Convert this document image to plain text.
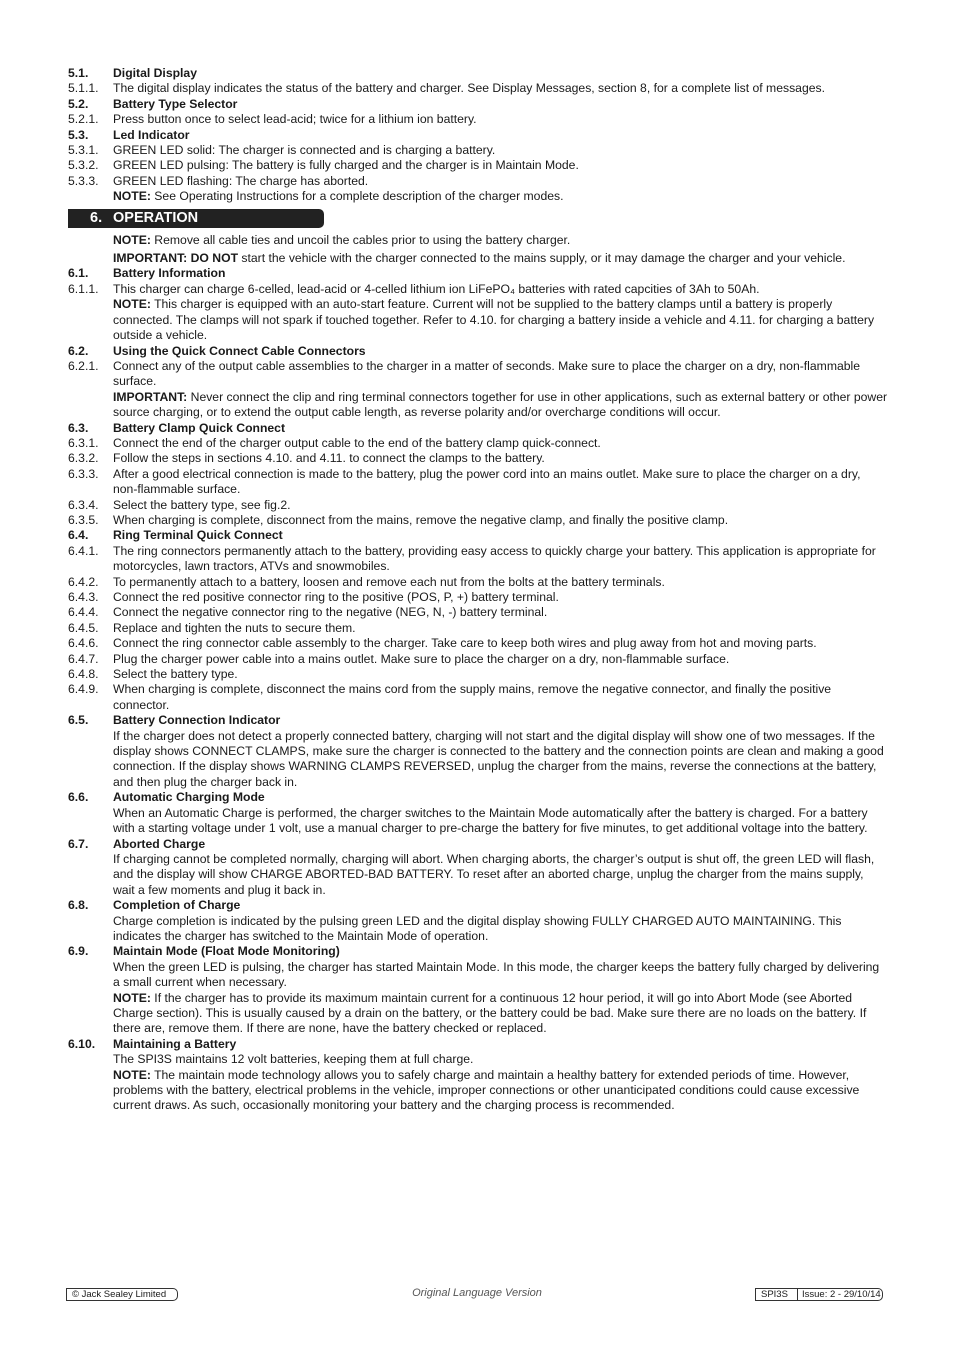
5.1.	Digital Display
5.1.1.	The digital display indicates the status of the battery and charger. See Display Messages, section 8, for a complete list of messages.
5.2.	Battery Type Selector
5.2.1.	Press button once to select lead-acid; twice for a lithium ion battery.
5.3.	Led Indicator
5.3.1.	GREEN LED solid: The charger is connected and is charging a battery.
5.3.2.	GREEN LED pulsing: The battery is fully charged and the charger is in Maintain Mode.
5.3.3.	GREEN LED flashing: The charge has aborted.
NOTE: See Operating Instructions for a complete description of the charger modes.
6. OPERATION
NOTE: Remove all cable ties and uncoil the cables prior to using the battery charger.
IMPORTANT: DO NOT start the vehicle with the charger connected to the mains supply, or it may damage the charger and your vehicle.
6.1.	Battery Information
6.1.1.	This charger can charge 6-celled, lead-acid or 4-celled lithium ion LiFePO₄ batteries with rated capcities of 3Ah to 50Ah.
NOTE: This charger is equipped with an auto-start feature. Current will not be supplied to the battery clamps until a battery is properly connected. The clamps will not spark if touched together. Refer to 4.10. for charging a battery inside a vehicle and 4.11. for charging a battery outside a vehicle.
6.2.	Using the Quick Connect Cable Connectors
6.2.1.	Connect any of the output cable assemblies to the charger in a matter of seconds. Make sure to place the charger on a dry, non-flammable surface.
IMPORTANT: Never connect the clip and ring terminal connectors together for use in other applications, such as external battery or other power source charging, or to extend the output cable length, as reverse polarity and/or overcharge conditions will occur.
6.3.	Battery Clamp Quick Connect
6.3.1.	Connect the end of the charger output cable to the end of the battery clamp quick-connect.
6.3.2.	Follow the steps in sections 4.10. and 4.11. to connect the clamps to the battery.
6.3.3.	After a good electrical connection is made to the battery, plug the power cord into an mains outlet. Make sure to place the charger on a dry, non-flammable surface.
6.3.4.	Select the battery type, see fig.2.
6.3.5.	When charging is complete, disconnect from the mains, remove the negative clamp, and finally the positive clamp.
6.4.	Ring Terminal Quick Connect
6.4.1.	The ring connectors permanently attach to the battery, providing easy access to quickly charge your battery. This application is appropriate for motorcycles, lawn tractors, ATVs and snowmobiles.
6.4.2.	To permanently attach to a battery, loosen and remove each nut from the bolts at the battery terminals.
6.4.3.	Connect the red positive connector ring to the positive (POS, P, +) battery terminal.
6.4.4.	Connect the negative connector ring to the negative (NEG, N, -) battery terminal.
6.4.5.	Replace and tighten the nuts to secure them.
6.4.6.	Connect the ring connector cable assembly to the charger. Take care to keep both wires and plug away from hot and moving parts.
6.4.7.	Plug the charger power cable into a mains outlet. Make sure to place the charger on a dry, non-flammable surface.
6.4.8.	Select the battery type.
6.4.9.	When charging is complete, disconnect the mains cord from the supply mains, remove the negative connector, and finally the positive connector.
6.5.	Battery Connection Indicator
If the charger does not detect a properly connected battery, charging will not start and the digital display will show one of two messages. If the display shows CONNECT CLAMPS, make sure the charger is connected to the battery and the connection points are clean and making a good connection. If the display shows WARNING CLAMPS REVERSED, unplug the charger from the mains, reverse the connections at the battery, and then plug the charger back in.
6.6.	Automatic Charging Mode
When an Automatic Charge is performed, the charger switches to the Maintain Mode automatically after the battery is charged. For a battery with a starting voltage under 1 volt, use a manual charger to pre-charge the battery for five minutes, to get additional voltage into the battery.
6.7.	Aborted Charge
If charging cannot be completed normally, charging will abort. When charging aborts, the charger’s output is shut off, the green LED will flash, and the display will show CHARGE ABORTED-BAD BATTERY. To reset after an aborted charge, unplug the charger from the mains supply, wait a few moments and plug it back in.
6.8.	Completion of Charge
Charge completion is indicated by the pulsing green LED and the digital display showing FULLY CHARGED AUTO MAINTAINING. This indicates the charger has switched to the Maintain Mode of operation.
6.9.	Maintain Mode (Float Mode Monitoring)
When the green LED is pulsing, the charger has started Maintain Mode. In this mode, the charger keeps the battery fully charged by delivering a small current when necessary.
NOTE: If the charger has to provide its maximum maintain current for a continuous 12 hour period, it will go into Abort Mode (see Aborted Charge section). This is usually caused by a drain on the battery, or the battery could be bad. Make sure there are no loads on the battery. If there are, remove them. If there are none, have the battery checked or replaced.
6.10.	Maintaining a Battery
The SPI3S maintains 12 volt batteries, keeping them at full charge.
NOTE: The maintain mode technology allows you to safely charge and maintain a healthy battery for extended periods of time. However, problems with the battery, electrical problems in the vehicle, improper connections or other unanticipated conditions could cause excessive current draws. As such, occasionally monitoring your battery and the charging process is recommended.
© Jack Sealey Limited	Original Language Version	SPI3S	Issue: 2 - 29/10/14
